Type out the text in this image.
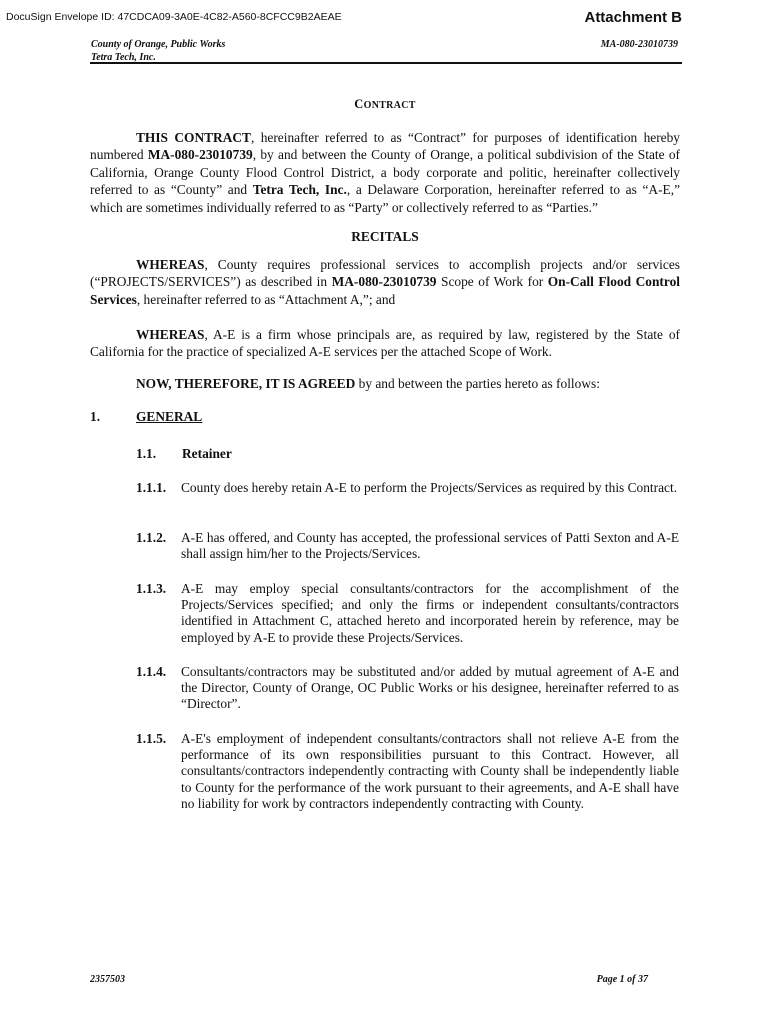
DocuSign Envelope ID: 47CDCA09-3A0E-4C82-A560-8CFCC9B2AEAE	Attachment B
County of Orange, Public Works
Tetra Tech, Inc.
MA-080-23010739
CONTRACT
THIS CONTRACT, hereinafter referred to as “Contract” for purposes of identification hereby numbered MA-080-23010739, by and between the County of Orange, a political subdivision of the State of California, Orange County Flood Control District, a body corporate and politic, hereinafter collectively referred to as “County” and Tetra Tech, Inc., a Delaware Corporation, hereinafter referred to as “A-E,” which are sometimes individually referred to as “Party” or collectively referred to as “Parties.”
RECITALS
WHEREAS, County requires professional services to accomplish projects and/or services (“PROJECTS/SERVICES”) as described in MA-080-23010739 Scope of Work for On-Call Flood Control Services, hereinafter referred to as “Attachment A,”; and
WHEREAS, A-E is a firm whose principals are, as required by law, registered by the State of California for the practice of specialized A-E services per the attached Scope of Work.
NOW, THEREFORE, IT IS AGREED by and between the parties hereto as follows:
1.	GENERAL
1.1. Retainer
1.1.1. County does hereby retain A-E to perform the Projects/Services as required by this Contract.
1.1.2. A-E has offered, and County has accepted, the professional services of Patti Sexton and A-E shall assign him/her to the Projects/Services.
1.1.3. A-E may employ special consultants/contractors for the accomplishment of the Projects/Services specified; and only the firms or independent consultants/contractors identified in Attachment C, attached hereto and incorporated herein by reference, may be employed by A-E to provide these Projects/Services.
1.1.4. Consultants/contractors may be substituted and/or added by mutual agreement of A-E and the Director, County of Orange, OC Public Works or his designee, hereinafter referred to as “Director”.
1.1.5. A-E's employment of independent consultants/contractors shall not relieve A-E from the performance of its own responsibilities pursuant to this Contract. However, all consultants/contractors independently contracting with County shall be independently liable to County for the performance of the work pursuant to their agreements, and A-E shall have no liability for work by contractors independently contracting with County.
2357503	Page 1 of 37
